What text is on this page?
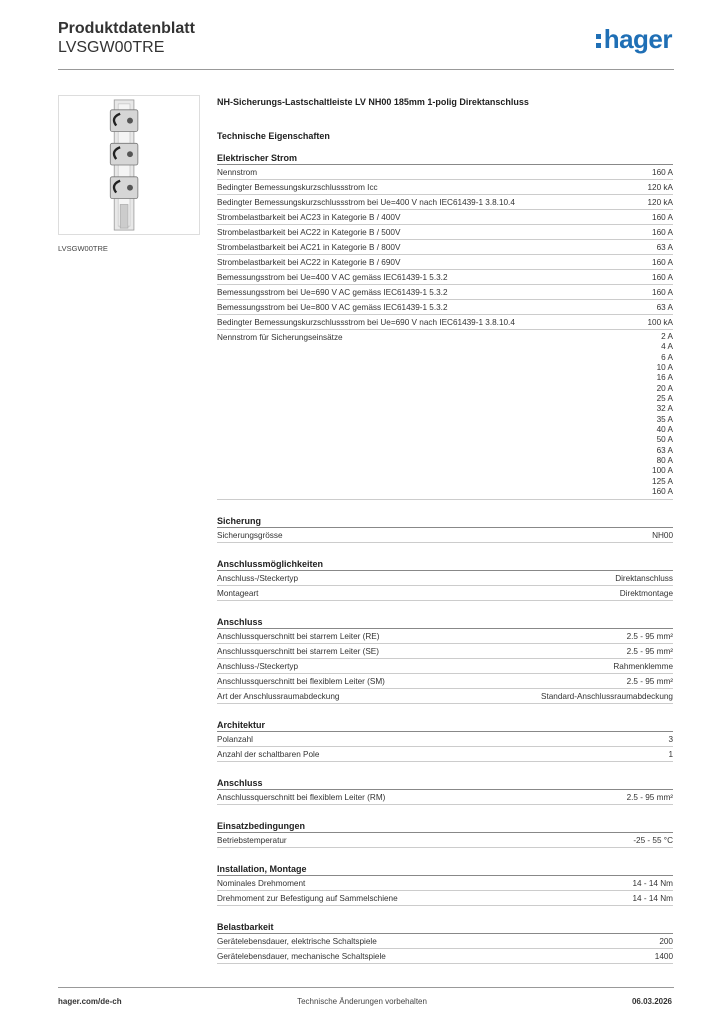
Produktdatenblatt
LVSGW00TRE	hager
LVSGW00TRE
NH-Sicherungs-Lastschaltleiste LV NH00 185mm 1-polig Direktanschluss
Technische Eigenschaften
Elektrischer Strom
Nennstrom	160 A
Bedingter Bemessungskurzschlussstrom Icc	120 kA
Bedingter Bemessungskurzschlussstrom bei Ue=400 V nach IEC61439-1 3.8.10.4	120 kA
Strombelastbarkeit bei AC23 in Kategorie B / 400V	160 A
Strombelastbarkeit bei AC22 in Kategorie B / 500V	160 A
Strombelastbarkeit bei AC21 in Kategorie B / 800V	63 A
Strombelastbarkeit bei AC22 in Kategorie B / 690V	160 A
Bemessungsstrom bei Ue=400 V AC gemäss IEC61439-1 5.3.2	160 A
Bemessungsstrom bei Ue=690 V AC gemäss IEC61439-1 5.3.2	160 A
Bemessungsstrom bei Ue=800 V AC gemäss IEC61439-1 5.3.2	63 A
Bedingter Bemessungskurzschlussstrom bei Ue=690 V nach IEC61439-1 3.8.10.4	100 kA
Nennstrom für Sicherungseinsätze	2 A
4 A
6 A
10 A
16 A
20 A
25 A
32 A
35 A
40 A
50 A
63 A
80 A
100 A
125 A
160 A
Sicherung
Sicherungsgrösse	NH00
Anschlussmöglichkeiten
Anschluss-/Steckertyp	Direktanschluss
Montageart	Direktmontage
Anschluss
Anschlussquerschnitt bei starrem Leiter (RE)	2.5 - 95 mm²
Anschlussquerschnitt bei starrem Leiter (SE)	2.5 - 95 mm²
Anschluss-/Steckertyp	Rahmenklemme
Anschlussquerschnitt bei flexiblem Leiter (SM)	2.5 - 95 mm²
Art der Anschlussraumabdeckung	Standard-Anschlussraumabdeckung
Architektur
Polanzahl	3
Anzahl der schaltbaren Pole	1
Anschluss
Anschlussquerschnitt bei flexiblem Leiter (RM)	2.5 - 95 mm²
Einsatzbedingungen
Betriebstemperatur	-25 - 55 °C
Installation, Montage
Nominales Drehmoment	14 - 14 Nm
Drehmoment zur Befestigung auf Sammelschiene	14 - 14 Nm
Belastbarkeit
Gerätelebensdauer, elektrische Schaltspiele	200
Gerätelebensdauer, mechanische Schaltspiele	1400
hager.com/de-ch	Technische Änderungen vorbehalten	06.03.2026
